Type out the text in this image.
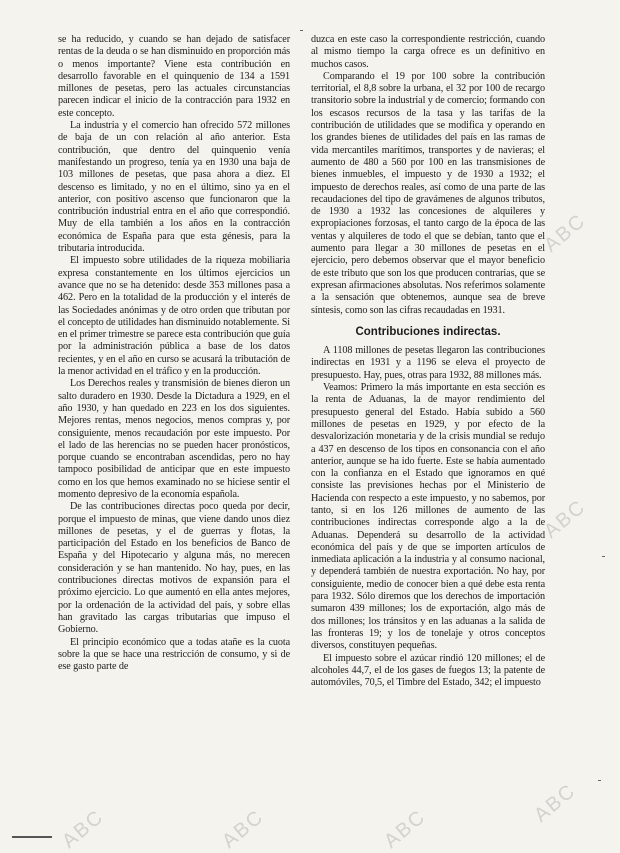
se ha reducido, y cuando se han dejado de satisfacer rentas de la deuda o se han disminuido en proporción más o menos importante? Viene esta contribución en desarrollo favorable en el quinquenio de 134 a 1591 millones de pesetas, pero las actuales circunstancias parecen indicar el inicio de la contracción para 1932 en este concepto.

La industria y el comercio han ofrecido 572 millones de baja de un con relación al año anterior. Esta contribución, que dentro del quinquenio venía manifestando un progreso, tenía ya en 1930 una baja de 103 millones de pesetas, que pasa ahora a diez. El descenso es limitado, y no en el último, sino ya en el anterior, con positivo ascenso que funcionaron que la contribución industrial entra en el año que correspondió. Muy de ella también a los años en la contracción económica de España para que esta génesis, para la tributaria introducida.

El impuesto sobre utilidades de la riqueza mobiliaria expresa constantemente en los últimos ejercicios un avance que no se ha detenido: desde 353 millones pasa a 462. Pero en la totalidad de la producción y el interés de las Sociedades anónimas y de otro orden que tributan por el concepto de utilidades han disminuido notablemente. Si en el primer trimestre se parece esta contribución que guía por la administración pública a base de los datos recientes, y en el año en curso se acusará la tributación de la menor actividad en el tráfico y en la producción.

Los Derechos reales y transmisión de bienes dieron un salto duradero en 1930. Desde la Dictadura a 1929, en el año 1930, y han quedado en 223 en los dos siguientes. Mejores rentas, menos negocios, menos compras y, por consiguiente, menos recaudación por este impuesto. Por el lado de las herencias no se pueden hacer pronósticos, porque cuando se encontraban ascendidas, pero no hay tampoco posibilidad de anticipar que en este impuesto como en los que hemos examinado no se hiciese sentir el momento depresivo de la economía española.

De las contribuciones directas poco queda por decir, porque el impuesto de minas, que viene dando unos diez millones de pesetas, y el de guerras y flotas, la participación del Estado en los beneficios de Banco de España y del Hipotecario y alguna más, no merecen consideración y se han mantenido. No hay, pues, en las contribuciones directas motivos de expansión para el próximo ejercicio. Lo que aumentó en ella antes mejores, por la ordenación de la actividad del país, y sobre ellas han gravitado las cargas tributarias que impuso el Gobierno.

El principio económico que a todas atañe es la cuota sobre la que se hace una restricción de consumo, y si de ese gasto parte de

duzca en este caso la correspondiente restricción, cuando al mismo tiempo la carga ofrece es un definitivo en muchos casos.

Comparando el 19 por 100 sobre la contribución territorial, el 8,8 sobre la urbana, el 32 por 100 de recargo transitorio sobre la industrial y de comercio; formando con los escasos recursos de la tasa y las tarifas de la contribución de utilidades que se modifica y operando en los grandes bienes de utilidades del país en las ramas de vida mercantiles marítimos, transportes y de navieras; el aumento de 480 a 560 por 100 en las transmisiones de bienes inmuebles, el impuesto y de 1930 a 1932; el impuesto de derechos reales, así como de una parte de las recaudaciones del tipo de gravámenes de algunos tributos, de 1930 a 1932 las concesiones de alquileres y expropiaciones forzosas, el tanto cargo de la época de las ventas y alquileres de todo el que se debían, tanto que el aumento para llegar a 30 millones de pesetas en el ejercicio, pero debemos observar que el mayor beneficio de este tributo que son los que producen contrarias, que se expresan afirmaciones absolutas. Nos referimos solamente a la sensación que obtenemos, aunque sea de breve síntesis, como son las cifras recaudadas en 1931.

Contribuciones indirectas.

A 1108 millones de pesetas llegaron las contribuciones indirectas en 1931 y a 1196 se eleva el proyecto de presupuesto. Hay, pues, otras para 1932, 88 millones más.

Veamos: Primero la más importante en esta sección es la renta de Aduanas, la de mayor rendimiento del presupuesto general del Estado. Había subido a 560 millones de pesetas en 1929, y por efecto de la desvalorización monetaria y de la crisis mundial se redujo a 437 en descenso de los tipos en consonancia con el año anterior, aunque se ha ido fuerte. Este se había aumentado con la confianza en el Estado que ignoramos en qué consiste las previsiones hechas por el Ministerio de Hacienda con respecto a este impuesto, y no sabemos, por tanto, si en los 126 millones de aumento de las contribuciones indirectas corresponde algo a la de Aduanas. Dependerá su desarrollo de la actividad económica del país y de que se importen artículos de inmediata aplicación a la industria y al consumo nacional, y dependerá también de nuestra exportación. No hay, por consiguiente, medio de conocer bien a qué debe esta renta para 1932. Sólo diremos que los derechos de importación sumaron 439 millones; los de exportación, algo más de dos millones; los tránsitos y en las aduanas a la salida de las fronteras 19; y los de tonelaje y otros conceptos diversos, constituyen pequeñas.

El impuesto sobre el azúcar rindió 120 millones; el de alcoholes 44,7, el de los gases de fuegos 13; la patente de automóviles, 70,5, el Timbre del Estado, 342; el impuesto

ABC
ABC
ABC
ABC
ABC
ABC
